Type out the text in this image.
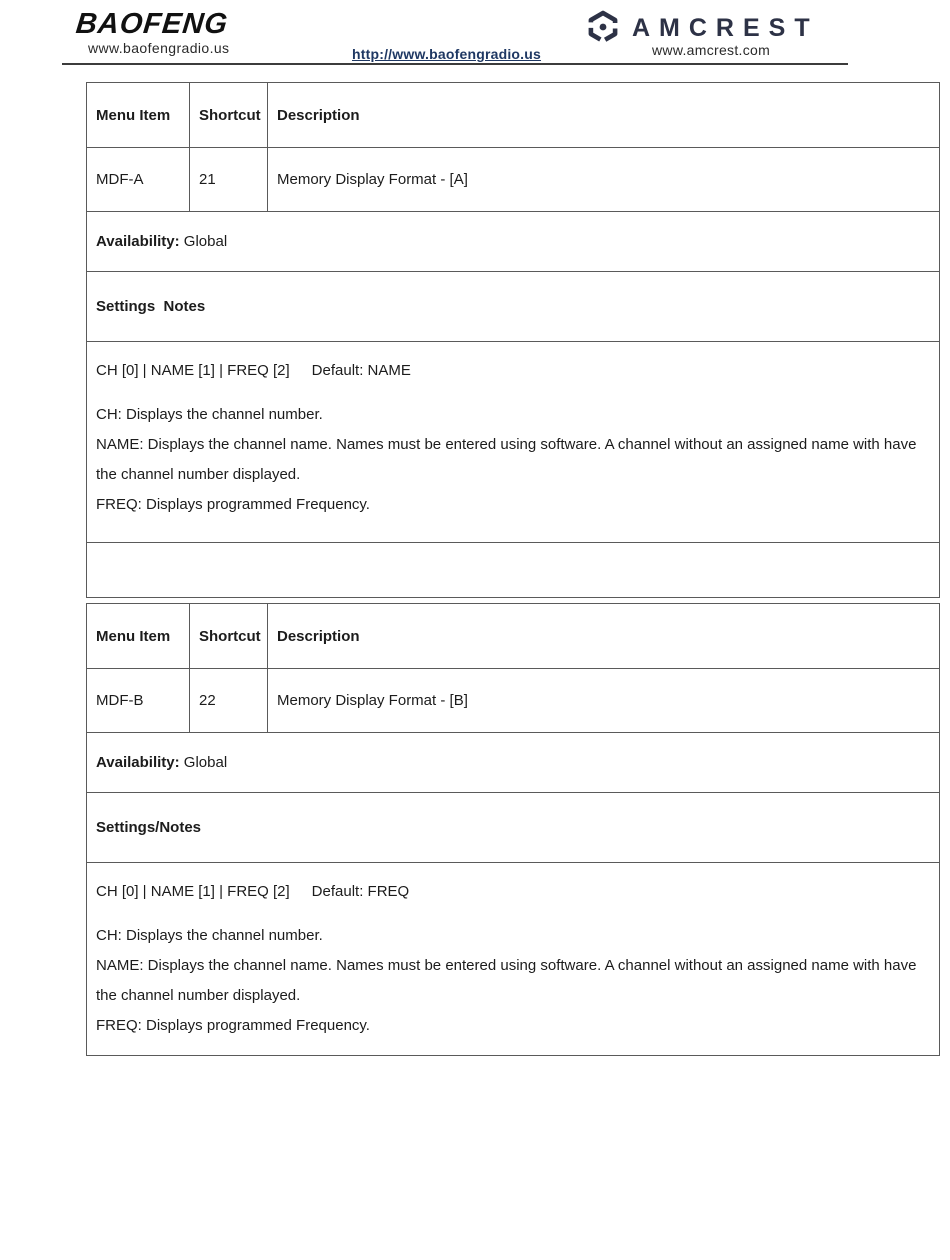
BAOFENG
www.baofengradio.us	http://www.baofengradio.us
AMCREST
www.amcrest.com
Menu Item	Shortcut	Description
MDF-A	21	Memory Display Format - [A]
Availability: Global		
Settings  Notes		

CH [0] | NAME [1] | FREQ [2] Default: NAME

CH: Displays the channel number.

NAME: Displays the channel name. Names must be entered using software. A channel without an assigned name with have the channel number displayed.

FREQ: Displays programmed Frequency.		

Menu Item	Shortcut	Description
MDF-B	22	Memory Display Format - [B]
Availability: Global		
Settings/Notes		

CH [0] | NAME [1] | FREQ [2] Default: FREQ

CH: Displays the channel number.

NAME: Displays the channel name. Names must be entered using software. A channel without an assigned name with have the channel number displayed.

FREQ: Displays programmed Frequency.		
